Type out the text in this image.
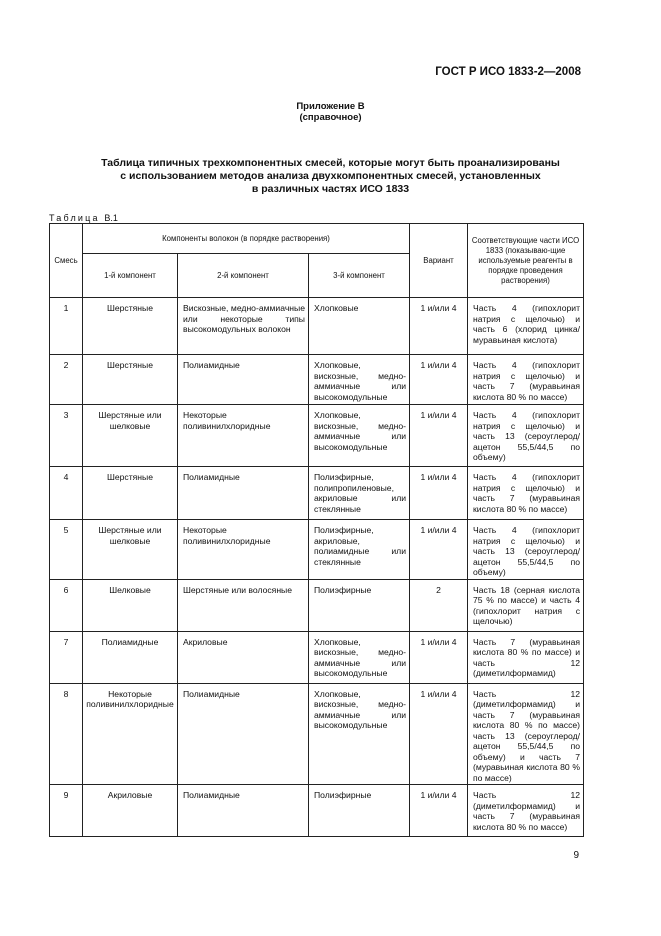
ГОСТ Р ИСО 1833-2—2008
Приложение В
(справочное)
Таблица типичных трехкомпонентных смесей, которые могут быть проанализированы
с использованием методов анализа двухкомпонентных смесей, установленных
в различных частях ИСО 1833
Таблица В.1
Смесь	Компоненты волокон (в порядке растворения)			Вариант	Соответствующие части ИСО 1833 (показываю-щие используемые реагенты в порядке проведения растворения)
	1-й компонент	2-й компонент	3-й компонент		
1	Шерстяные	Вискозные, медно-аммиачные или некоторые типы высокомодульных волокон	Хлопковые	1 и/или 4	Часть 4 (гипохлорит натрия с щелочью) и часть 6 (хлорид цинка/муравьиная кислота)

2	Шерстяные	Полиамидные	Хлопковые, вискозные, медно-аммиачные или высокомодульные	1 и/или 4	Часть 4 (гипохлорит натрия с щелочью) и часть 7 (муравьиная кислота 80 % по массе)

3	Шерстяные или шелковые	Некоторые поливинилхлоридные	Хлопковые, вискозные, медно-аммиачные или высокомодульные	1 и/или 4	Часть 4 (гипохлорит натрия с щелочью) и часть 13 (сероуглерод/ацетон 55,5/44,5 по объему)

4	Шерстяные	Полиамидные	Полиэфирные, полипропиленовые, акриловые или стеклянные	1 и/или 4	Часть 4 (гипохлорит натрия с щелочью) и часть 7 (муравьиная кислота 80 % по массе)

5	Шерстяные или шелковые	Некоторые поливинилхлоридные	Полиэфирные, акриловые, полиамидные или стеклянные	1 и/или 4	Часть 4 (гипохлорит натрия с щелочью) и часть 13 (сероуглерод/ацетон 55,5/44,5 по объему)

6	Шелковые	Шерстяные или волосяные	Полиэфирные	2	Часть 18 (серная кислота 75 % по массе) и часть 4 (гипохлорит натрия с щелочью)

7	Полиамидные	Акриловые	Хлопковые, вискозные, медно-аммиачные или высокомодульные	1 и/или 4	Часть 7 (муравьиная кислота 80 % по массе) и часть 12 (диметилформамид)

8	Некоторые поливинилхлоридные	Полиамидные	Хлопковые, вискозные, медно-аммиачные или высокомодульные	1 и/или 4	Часть 12 (диметилформамид) и часть 7 (муравьиная кислота 80 % по массе) часть 13 (сероуглерод/ацетон 55,5/44,5 по объему) и часть 7 (муравьиная кислота 80 % по массе)

9	Акриловые	Полиамидные	Полиэфирные	1 и/или 4	Часть 12 (диметилформамид) и часть 7 (муравьиная кислота 80 % по массе)

9
